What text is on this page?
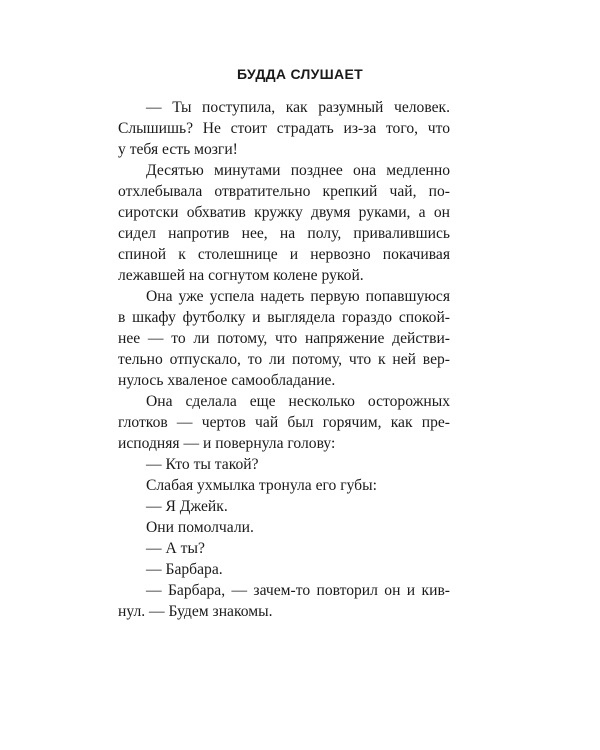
БУДДА СЛУШАЕТ
— Ты поступила, как разумный человек.
Слышишь? Не стоит страдать из-за того, что
у тебя есть мозги!
Десятью минутами позднее она медленно
отхлебывала отвратительно крепкий чай, по-
сиротски обхватив кружку двумя руками, а он
сидел напротив нее, на полу, привалившись
спиной к столешнице и нервозно покачивая
лежавшей на согнутом колене рукой.
Она уже успела надеть первую попавшуюся
в шкафу футболку и выглядела гораздо спокой-
нее — то ли потому, что напряжение действи-
тельно отпускало, то ли потому, что к ней вер-
нулось хваленое самообладание.
Она сделала еще несколько осторожных
глотков — чертов чай был горячим, как пре-
исподняя — и повернула голову:
— Кто ты такой?
Слабая ухмылка тронула его губы:
— Я Джейк.
Они помолчали.
— А ты?
— Барбара.
— Барбара, — зачем-то повторил он и кив-
нул. — Будем знакомы.
